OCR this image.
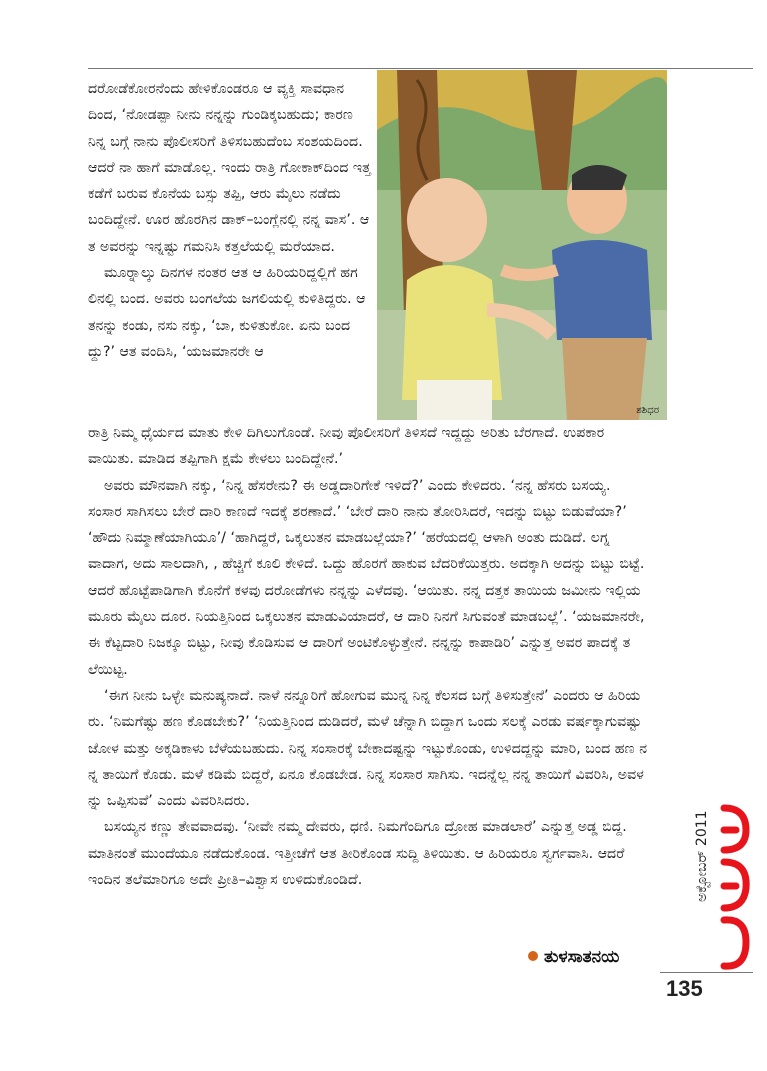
ಶಶಿಧರ

ದರೋಡೆಕೋರನೆಂದು ಹೇಳಿಕೊಂಡರೂ ಆ ವ್ಯಕ್ತಿ ಸಾವಧಾನದಿಂದ, ‘ನೋಡಪ್ಪಾ ನೀನು ನನ್ನನ್ನು ಗುಂಡಿಕ್ಕಬಹುದು; ಕಾರಣ ನಿನ್ನ ಬಗ್ಗೆ ನಾನು ಪೊಲೀಸರಿಗೆ ತಿಳಿಸಬಹುದೆಂಬ ಸಂಶಯದಿಂದ. ಆದರೆ ನಾ ಹಾಗೆ ಮಾಡೊಲ್ಲ. ಇಂದು ರಾತ್ರಿ ಗೋಕಾಕ್‌ದಿಂದ ಇತ್ತ ಕಡೆಗೆ ಬರುವ ಕೊನೆಯ ಬಸ್ಸು ತಪ್ಪಿ, ಆರು ಮೈಲು ನಡೆದು ಬಂದಿದ್ದೇನೆ. ಊರ ಹೊರಗಿನ ಡಾಕ್‌–ಬಂಗ್ಲೆನಲ್ಲಿ ನನ್ನ ವಾಸ’. ಆತ ಅವರನ್ನು ಇನ್ನಷ್ಟು ಗಮನಿಸಿ ಕತ್ತಲೆಯಲ್ಲಿ ಮರೆಯಾದ.

ಮೂರ್‍ನಾಲ್ಕು ದಿನಗಳ ನಂತರ ಆತ ಆ ಹಿರಿಯರಿದ್ದಲ್ಲಿಗೆ ಹಗಲಿನಲ್ಲಿ ಬಂದ. ಅವರು ಬಂಗಲೆಯ ಜಗಲಿಯಲ್ಲಿ ಕುಳಿತಿದ್ದರು. ಆತನನ್ನು ಕಂಡು, ನಸು ನಕ್ಕು, ‘ಬಾ, ಕುಳಿತುಕೋ. ಏನು ಬಂದದ್ದು?’ ಆತ ವಂದಿಸಿ, ‘ಯಜಮಾನರೇ ಆ

ರಾತ್ರಿ ನಿಮ್ಮ ಧೈರ್ಯದ ಮಾತು ಕೇಳಿ ದಿಗಿಲುಗೊಂಡೆ. ನೀವು ಪೊಲೀಸರಿಗೆ ತಿಳಿಸದೆ ಇದ್ದದ್ದು ಅರಿತು ಬೆರಗಾದೆ. ಉಪಕಾರವಾಯಿತು. ಮಾಡಿದ ತಪ್ಪಿಗಾಗಿ ಕ್ಷಮೆ ಕೇಳಲು ಬಂದಿದ್ದೇನೆ.’

ಅವರು ಮೌನವಾಗಿ ನಕ್ಕು, ‘ನಿನ್ನ ಹೆಸರೇನು? ಈ ಅಡ್ಡದಾರಿಗೇಕೆ ಇಳಿದೆ?’ ಎಂದು ಕೇಳಿದರು. ‘ನನ್ನ ಹೆಸರು ಬಸಯ್ಯ. ಸಂಸಾರ ಸಾಗಿಸಲು ಬೇರೆ ದಾರಿ ಕಾಣದೆ ಇದಕ್ಕೆ ಶರಣಾದೆ.’ ‘ಬೇರೆ ದಾರಿ ನಾನು ತೋರಿಸಿದರೆ, ಇದನ್ನು ಬಿಟ್ಟು ಬಿಡುವೆಯಾ?’ ‘ಹೌದು ನಿಮ್ಮಾಣೆಯಾಗಿಯೂ’/ ‘ಹಾಗಿದ್ದರೆ, ಒಕ್ಕಲುತನ ಮಾಡಬಲ್ಲೆಯಾ?’ ‘ಹರೆಯದಲ್ಲಿ ಆಳಾಗಿ ಅಂತು ದುಡಿದೆ. ಲಗ್ನವಾದಾಗ, ಅದು ಸಾಲದಾಗಿ, , ಹೆಚ್ಚಿಗೆ ಕೂಲಿ ಕೇಳಿದೆ. ಒದ್ದು ಹೊರಗೆ ಹಾಕುವ ಬೆದರಿಕೆಯಿತ್ತರು. ಅದಕ್ಕಾಗಿ ಅದನ್ನು ಬಿಟ್ಟು ಬಿಟ್ಟೆ. ಆದರೆ ಹೊಟ್ಟೆಪಾಡಿಗಾಗಿ ಕೊನೆಗೆ ಕಳವು ದರೋಡೆಗಳು ನನ್ನನ್ನು ಎಳೆದವು. ‘ಆಯಿತು. ನನ್ನ ದತ್ತಕ ತಾಯಿಯ ಜಮೀನು ಇಲ್ಲಿಯ ಮೂರು ಮೈಲು ದೂರ. ನಿಯತ್ತಿನಿಂದ ಒಕ್ಕಲುತನ ಮಾಡುವಿಯಾದರೆ, ಆ ದಾರಿ ನಿನಗೆ ಸಿಗುವಂತೆ ಮಾಡಬಲ್ಲೆ’. ‘ಯಜಮಾನರೇ, ಈ ಕೆಟ್ಟದಾರಿ ನಿಜಕ್ಕೂ ಬಿಟ್ಟು, ನೀವು ಕೊಡಿಸುವ ಆ ದಾರಿಗೆ ಅಂಟಿಕೊಳ್ಳುತ್ತೇನೆ. ನನ್ನನ್ನು ಕಾಪಾಡಿರಿ’ ಎನ್ನುತ್ತ ಅವರ ಪಾದಕ್ಕೆ ತಲೆಯಿಟ್ಟ.

‘ಈಗ ನೀನು ಒಳ್ಳೇ ಮನುಷ್ಯನಾದೆ. ನಾಳೆ ನನ್ನೂರಿಗೆ ಹೋಗುವ ಮುನ್ನ ನಿನ್ನ ಕೆಲಸದ ಬಗ್ಗೆ ತಿಳಿಸುತ್ತೇನೆ’ ಎಂದರು ಆ ಹಿರಿಯರು. ‘ನಿಮಗೆಷ್ಟು ಹಣ ಕೊಡಬೇಕು?’ ‘ನಿಯತ್ತಿನಿಂದ ದುಡಿದರೆ, ಮಳೆ ಚೆನ್ನಾಗಿ ಬಿದ್ದಾಗ ಒಂದು ಸಲಕ್ಕೆ ಎರಡು ವರ್ಷಕ್ಕಾಗುವಷ್ಟು ಜೋಳ ಮತ್ತು ಅಕ್ಕಡಿಕಾಳು ಬೆಳೆಯಬಹುದು. ನಿನ್ನ ಸಂಸಾರಕ್ಕೆ ಬೇಕಾದಷ್ಟನ್ನು ಇಟ್ಟುಕೊಂಡು, ಉಳಿದದ್ದನ್ನು ಮಾರಿ, ಬಂದ ಹಣ ನನ್ನ ತಾಯಿಗೆ ಕೊಡು. ಮಳೆ ಕಡಿಮೆ ಬಿದ್ದರೆ, ಏನೂ ಕೊಡಬೇಡ. ನಿನ್ನ ಸಂಸಾರ ಸಾಗಿಸು. ಇದನ್ನೆಲ್ಲ ನನ್ನ ತಾಯಿಗೆ ವಿವರಿಸಿ, ಅವಳನ್ನು ಒಪ್ಪಿಸುವೆ’ ಎಂದು ವಿವರಿಸಿದರು.

ಬಸಯ್ಯನ ಕಣ್ಣು ತೇವವಾದವು. ‘ನೀವೇ ನಮ್ಮ ದೇವರು, ಧಣಿ. ನಿಮಗೆಂದಿಗೂ ದ್ರೋಹ ಮಾಡಲಾರೆ’ ಎನ್ನುತ್ತ ಅಡ್ಡ ಬಿದ್ದ. ಮಾತಿನಂತೆ ಮುಂದೆಯೂ ನಡೆದುಕೊಂಡ. ಇತ್ತೀಚೆಗೆ ಆತ ತೀರಿಕೊಂಡ ಸುದ್ದಿ ತಿಳಿಯಿತು. ಆ ಹಿರಿಯರೂ ಸ್ವರ್ಗವಾಸಿ. ಆದರೆ ಇಂದಿನ ತಲೆಮಾರಿಗೂ ಅದೇ ಪ್ರೀತಿ–ವಿಶ್ವಾಸ ಉಳಿದುಕೊಂಡಿದೆ.	ಅಕ್ಟೋಬರ್ 2011
ತುಳಸಾತನಯ
135
